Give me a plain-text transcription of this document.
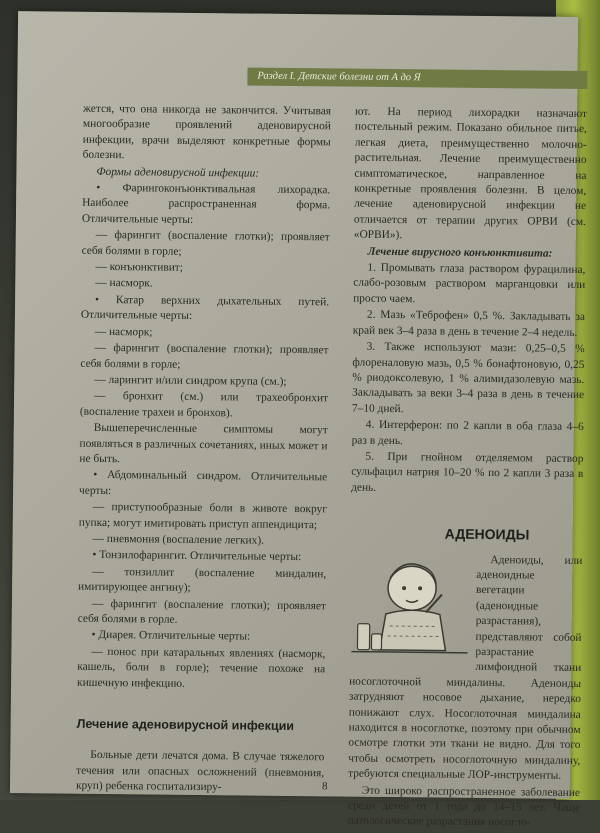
Раздел I. Детские болезни от А до Я

жется, что она никогда не закончится. Учитывая многообразие проявлений аденовирусной инфекции, врачи выделяют конкретные формы болезни.

Формы аденовирусной инфекции:

• Фаринrоконъюнктивальная лихорадка. Наиболее распространенная форма. Отличительные черты:

— фарингит (воспаление глотки); проявляет себя болями в горле;

— конъюнктивит;

— насморк.

• Катар верхних дыхательных путей. Отличительные черты:

— насморк;

— фарингит (воспаление глотки); проявляет себя болями в горле;

— ларингит и/или синдром крупа (см.);

— бронхит (см.) или трахеобронхит (воспаление трахеи и бронхов).

Вышеперечисленные симптомы могут появляться в различных сочетаниях, иных может и не быть.

• Абдоминальный синдром. Отличительные черты:

— приступообразные боли в животе вокруг пупка; могут имитировать приступ аппендицита;

— пневмония (воспаление легких).

• Тонзилофарингит. Отличительные черты:

— тонзиллит (воспаление миндалин, имитирующее ангину);

— фарингит (воспаление глотки); проявляет себя болями в горле.

• Диарея. Отличительные черты:

— понос при катаральных явлениях (насморк, кашель, боли в горле); течение похоже на кишечную инфекцию.

Лечение аденовирусной инфекции

Больные дети лечатся дома. В случае тяжелого течения или опасных осложнений (пневмония, круп) ребенка госпитализиру-

ют. На период лихорадки назначают постельный режим. Показано обильное питье, легкая диета, преимущественно молочно-растительная. Лечение преимущественно симптоматическое, направленное на конкретные проявления болезни. В целом, лечение аденовирусной инфекции не отличается от терапии других ОРВИ (см. «ОРВИ»).

Лечение вирусного конъюнктивита:

1. Промывать глаза раствором фурацилина, слабо-розовым раствором марганцовки или просто чаем.

2. Мазь «Теброфен» 0,5 %. Закладывать за край век 3–4 раза в день в течение 2–4 недель.

3. Также используют мази: 0,25–0,5 % флоренaловую мазь, 0,5 % бонафтоновую, 0,25 % риодоксолевую, 1 % алимидазолевую мазь. Закладывать за веки 3–4 раза в день в течение 7–10 дней.

4. Интерферон: по 2 капли в оба глаза 4–6 раз в день.

5. При гнойном отделяемом раствор сульфацил натрия 10–20 % по 2 капли 3 раза в день.

АДЕНОИДЫ

Аденоиды, или аденоидные вегетации (аденоидные разрастания), представляют собой разрастание лимфоидной ткани носоглоточной миндалины. Аденоиды затрудняют носовое дыхание, нередко понижают слух. Носоглоточная миндалина находится в носоглотке, поэтому при обычном осмотре глотки эти ткани не видно. Для того чтобы осмотреть носоглоточную миндалину, требуются специальные ЛОР-инструменты.

Это широко распространенное заболевание среди детей от 1 года до 14–15 лет. Чаще патологические разрастания носогло-

8
